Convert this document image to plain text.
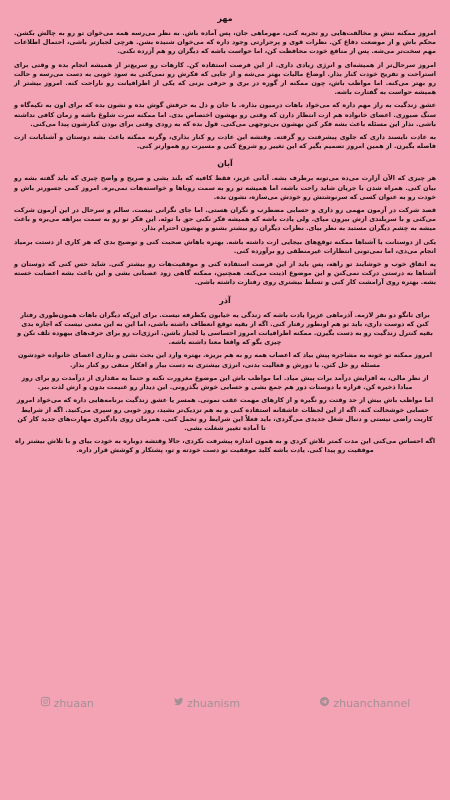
مهر

امروز ممکنه تنش و مخالفت‌هایی رو تجربه کنی، مهرماهی جان، پس آماده باش. به نظر می‌رسه همه می‌خوان تو رو به چالش بکشن. محکم باش و از موضعت دفاع کن. نظرات قوی و پرحرارتی وجود داره که می‌خوان شنیده بشن. هرچی لجبازتر باشی، احتمال اطلاعات مهم سخت‌تر می‌شه. پس از منافع خودت محافظت کن، اما حواست باشه که دیگران رو هم آزرده نکنی.

امروز سرحال‌تر از همیشه‌ای و انرژی زیادی داری. از این فرصت استفاده کن. کارهات رو سریع‌تر از همیشه انجام بده و وقتی برای استراحت و تفریح خودت کنار بذار. اوضاع مالیات بهتر می‌شه و از جایی که فکرش رو نمی‌کنی به سود خوبی به دست می‌رسه و حالت رو بهتر می‌کنه. اما مواظب باش، چون ممکنه از گوره در بری و حرفی بزنی که یکی از اطرافیانت رو ناراحت کنه. امروز بیشتر از همیشه حواست به گفتارت باشه.

عشق زندگیت به راز مهم داره که می‌خواد باهات درمیون بذاره. با جان و دل به حرفش گوش بده و نشون بده که برای اون به تکیه‌گاه و سنگ صبوری. اعضای خانواده هم ازت انتظار دارن که وقتی رو بهشون اختصاص بدی. اما ممکنه سرت شلوغ باشه و زمان کافی نداشته باشی. نذار این مسئله باعث بشه فکر کنن بهشون بی‌توجهی می‌کنی. قول بده که به زودی وقتی برای بودن کنارشون پیدا می‌کنی.

به عادت نایسند داری که جلوی پیشرفتت رو گرفته. وقتشه این عادت رو کنار بذاری، وگرنه ممکنه باعث بشه دوستان و آشنایانت ازت فاصله بگیرن. از همین امروز تصمیم بگیر که این تغییر رو شروع کنی و مسیرت رو هموارتر کنی.

آبان

هر چیزی که الآن آزارت می‌ده می‌تونه برطرف بشه. آبانی عزیز، فقط کافیه که بلند بشی و صریح و واضح چیزی که باید گفته بشه رو بیان کنی. همراه شدن با جریان شاید راحت باشه، اما همیشه تو رو به سمت رویاها و خواسته‌هات نمی‌بره. امروز کمی جسورتر باش و خودت رو به عنوان کسی که سرنوشتش رو خودش می‌سازه، نشون بده.

قصد شرکت در آزمون مهمی رو داری و حسابی مضطرب و نگران هستی. اما جای نگرانی نیست. سالم و سرحال در این آزمون شرکت می‌کنی و با سربلندی ازش بیرون میای. ولی یادت باشه که همیشه فکر نکنی حق با توئه. این فکر تو رو به سمت بیراهه می‌بره و باعث میشه به چشم دیگران مستبد به نظر بیای. نظرات دیگران رو بیشتر بشنو و بهشون احترام بذار.

یکی از دوستانت یا آشناها ممکنه توقع‌های بیجایی ازت داشته باشه. بهتره باهاش صحبت کنی و توضیح بدی که هر کاری از دستت برمیاد انجام می‌دی، اما نمی‌تونی انتظارات غیرمنطقی رو برآورده کنی.

یه اتفاق خوب و خوشایند تو راهه، پس باید از این فرصت استفاده کنی و موفقیت‌هات رو بیشتر کنی. شاید حس کنی که دوستان و آشناها به درستی درکت نمی‌کنن و این موضوع اذیتت می‌کنه. همچنین، ممکنه گاهی زود عصبانی بشی و این باعث بشه اعصابت خسته بشه. بهتره روی آرامشت کار کنی و تسلط بیشتری روی رفتارت داشته باشی.

آذر

برای تانگو دو نفر لازمه. آذرماهی عزیزا یادت باشه که زندگی یه خیابون یکطرفه نیست. برای این‌که دیگران باهات همون‌طوری رفتار کنن که دوست داری، باید تو هم اونطور رفتار کنی. اگه از بقیه توقع انعطاف داشته باشی، اما این به این معنی نیست که اجازه بدی بقیه کنترل زندگیت رو به دست بگیرن. ممکنه اطرافیانت امروز احساسی یا لجباز باشن. انرژی‌ات رو برای حرف‌های بیهوده تلف نکن و چیزی بگو که واقعا معنا داشته باشه.

امروز ممکنه تو خونه به مشاجره پیش بیاد که اعصاب همه رو به هم بریزه. بهتره وارد این بحث نشی و بذاری اعضای خانواده خودشون مسئله رو حل کنن. یا دورش و فعالیت بدنی، انرژی بیشتری به دست بیار و افکار منفی رو کنار بذار.

از نظر مالی، یه افزایش درآمد برات پیش میاد. اما مواظب باش این موضوع مغرورت نکنه و حتما یه مقداری از درآمدت رو برای روز مبادا ذخیره کن. قراره با دوستات دور هم جمع بشی و حسابی خوش بگذرونی. این دیدار رو غنیمت بدون و ازش لذت ببر.

اما مواظب باش بیش از حد وقتت رو نگیره و از کارهای مهمت عقب نمونی. همسر یا عشق زندگیت برنامه‌هایی داره که می‌خواد امروز حسابی خوشحالت کنه. اگه از این لحظات عاشقانه استفاده کنی و به هم نزدیک‌تر بشید، روز خوبی رو سپری می‌کنید. اگه از شرایط کاریت راضی نیستی و دنبال شغل جدیدی می‌گردی، باید فعلاً این شرایط رو تحمل کنی. همزمان روی یادگیری مهارت‌های جدید کار کن تا آماده تغییر شغلت بشی.

اگه احساس می‌کنی این مدت کمتر تلاش کردی و به همون اندازه پیشرفت نکردی، حالا وقتشه دوباره به خودت بیای و با تلاش بیشتر راه موفقیت رو پیدا کنی. یادت باشه کلید موفقیت تو دست خودته و تو، پشتکار و کوشش قرار داره.

zhuaan	zhuanism	zhuanchannel
